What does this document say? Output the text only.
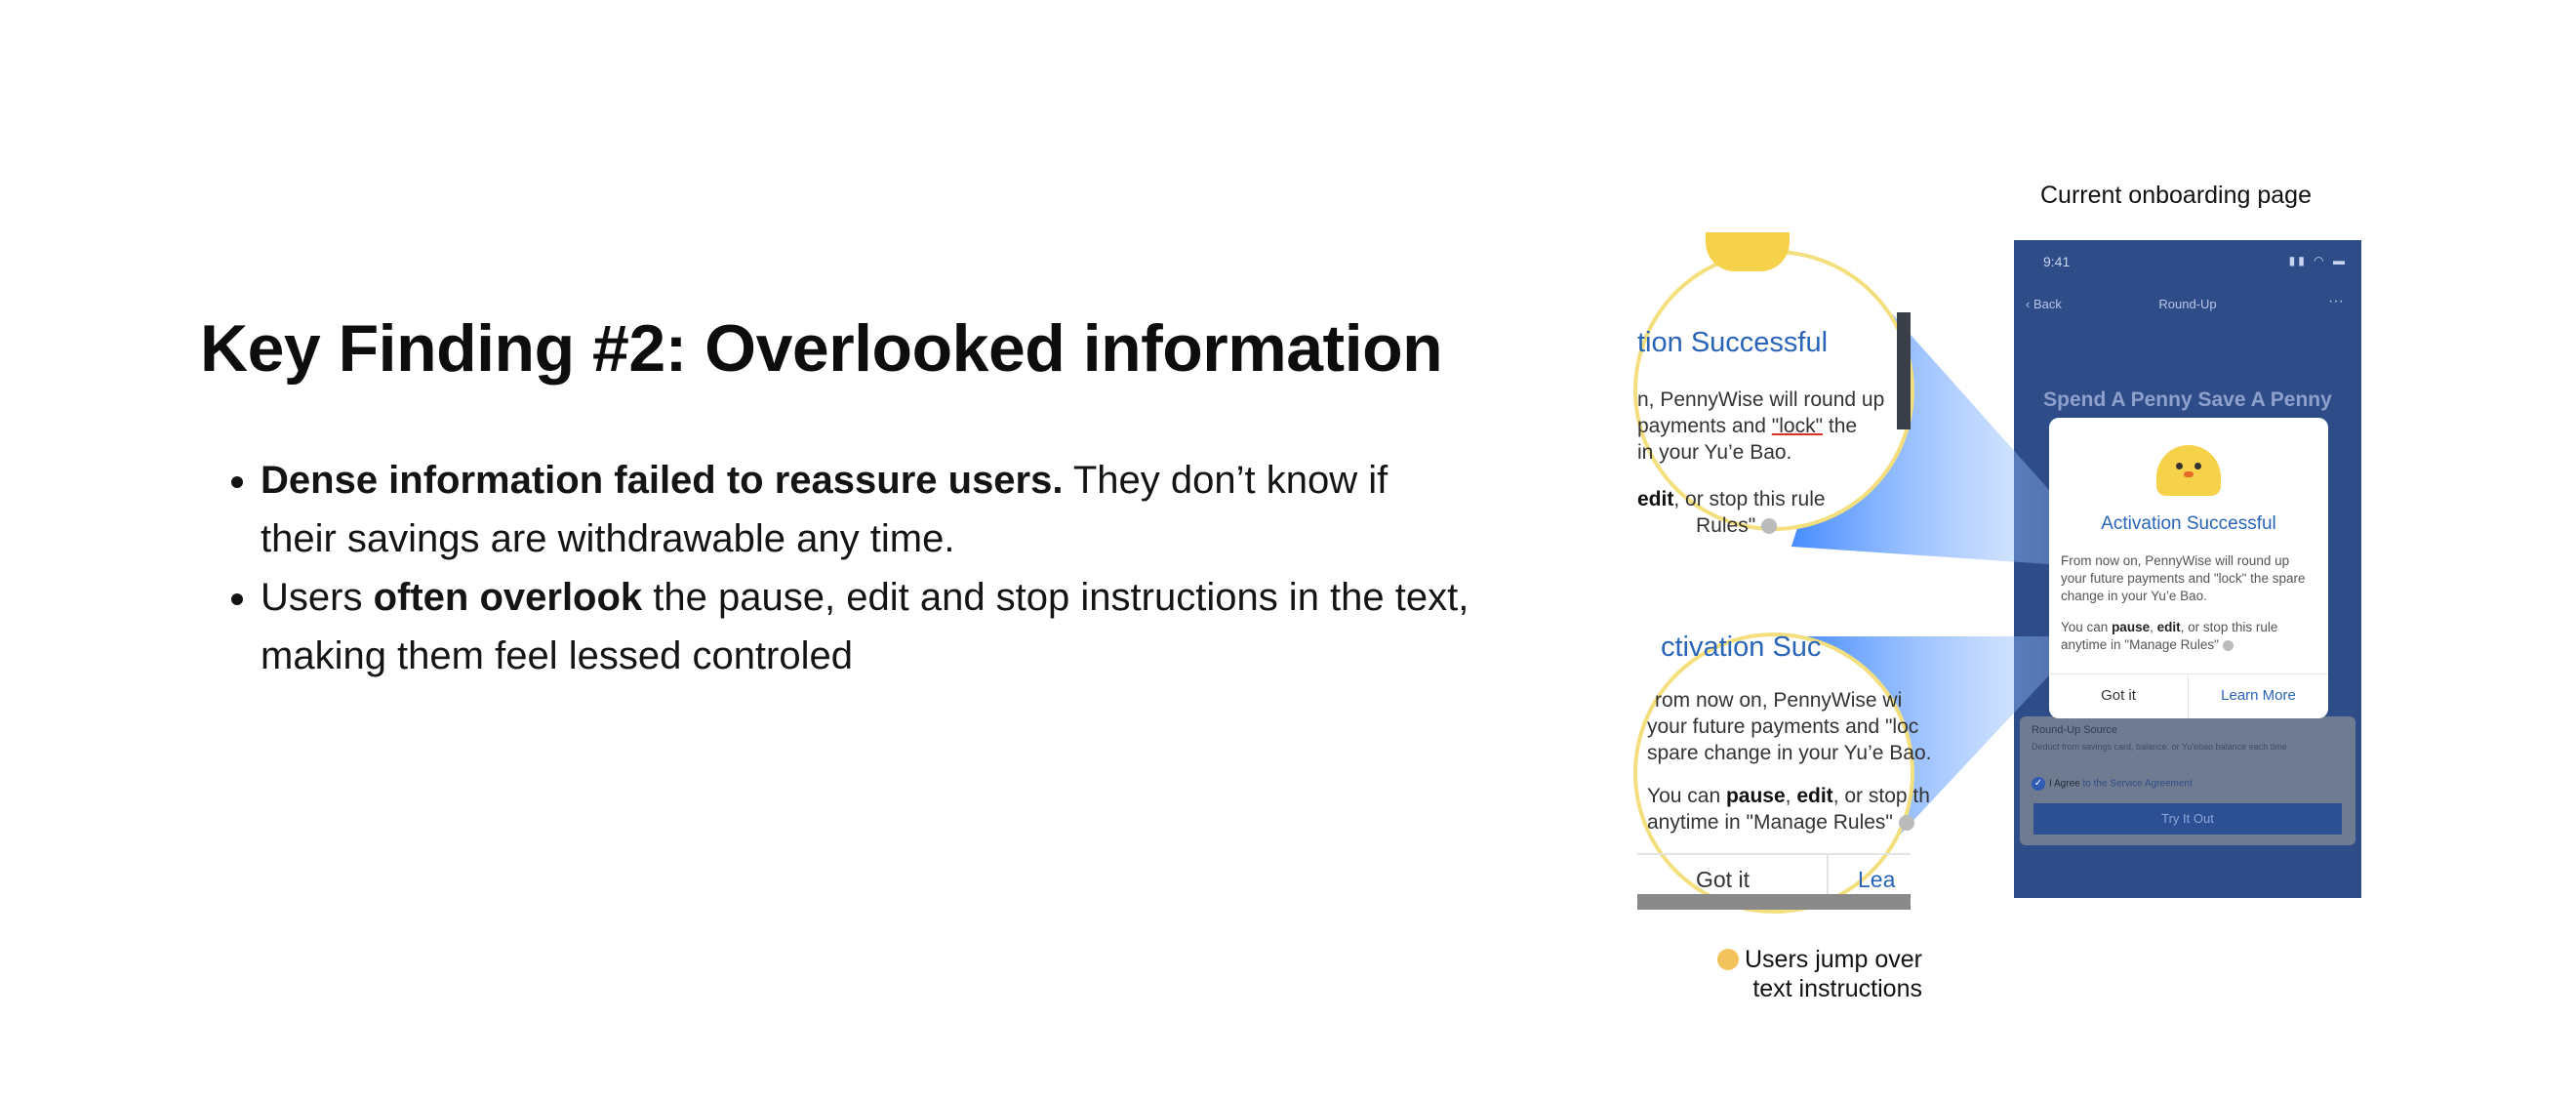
Key Finding #2: Overlooked information
• Dense information failed to reassure users. They don’t know if their savings are withdrawable any time.
• Users often overlook the pause, edit and stop instructions in the text, making them feel lessed controled
Current onboarding page
9:41	▮▮ ◠ ▬
‹ Back	Round-Up	···
Spend A Penny Save A Penny
Round-Up Source
Deduct from savings card, balance, or Yu'ebao balance each time
✓ I Agree to the Service Agreement
Try It Out
Activation Successful
From now on, PennyWise will round up your future payments and "lock" the spare change in your Yu’e Bao.
You can pause, edit, or stop this rule anytime in "Manage Rules"
Got it	Learn More
tion Successful
n, PennyWise will round up
payments and "lock" the
in your Yu’e Bao.
edit, or stop this rule
Rules"
ctivation Suc
rom now on, PennyWise wi
your future payments and "loc
spare change in your Yu’e Bao.
You can pause, edit, or stop th
anytime in "Manage Rules"
Got it	Lea
Users jump over
text instructions
